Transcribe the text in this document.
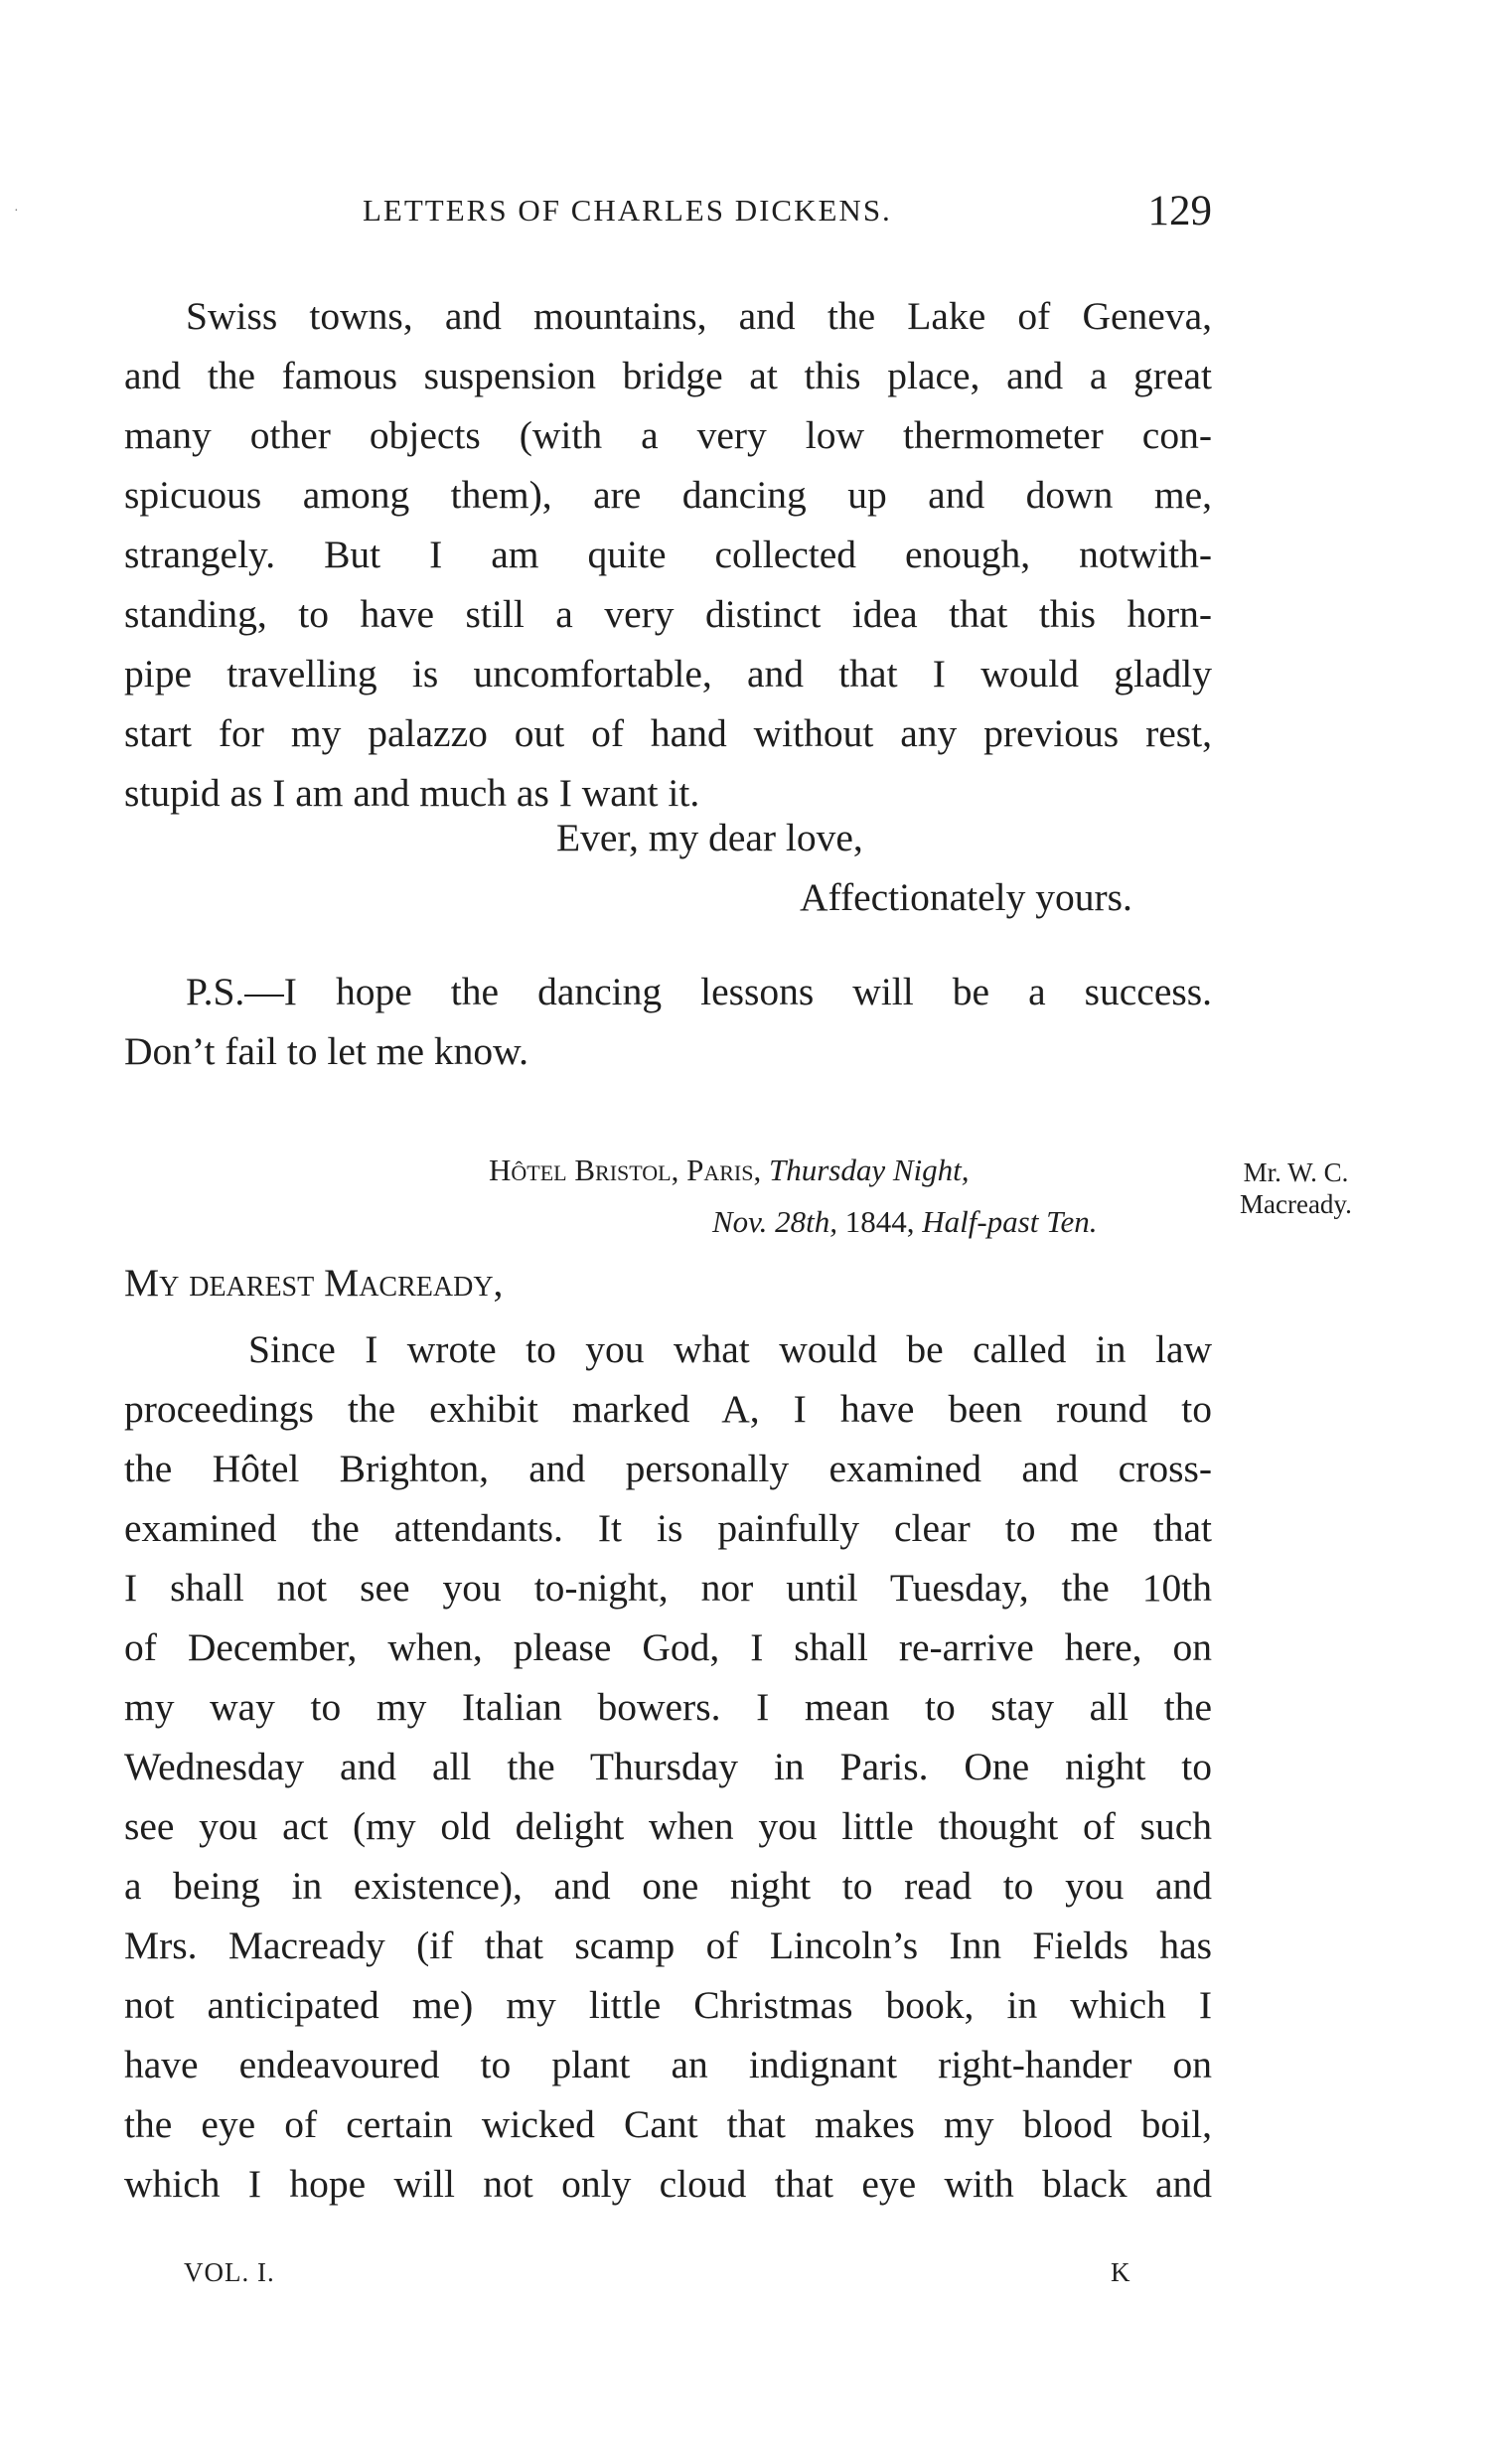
·	LETTERS OF CHARLES DICKENS.	129
Swiss towns, and mountains, and the Lake of Geneva,
and the famous suspension bridge at this place, and a great
many other objects (with a very low thermometer con-
spicuous among them), are dancing up and down me,
strangely. But I am quite collected enough, notwith-
standing, to have still a very distinct idea that this horn-
pipe travelling is uncomfortable, and that I would gladly
start for my palazzo out of hand without any previous rest,
stupid as I am and much as I want it.
Ever, my dear love,
Affectionately yours.
P.S.—I hope the dancing lessons will be a success.
Don’t fail to let me know.
Hôtel Bristol, Paris, Thursday Night,
Nov. 28th, 1844, Half-past Ten.
Mr. W. C.
Macready.
My dearest Macready,
Since I wrote to you what would be called in law
proceedings the exhibit marked A, I have been round to
the Hôtel Brighton, and personally examined and cross-
examined the attendants. It is painfully clear to me that
I shall not see you to-night, nor until Tuesday, the 10th
of December, when, please God, I shall re-arrive here, on
my way to my Italian bowers. I mean to stay all the
Wednesday and all the Thursday in Paris. One night to
see you act (my old delight when you little thought of such
a being in existence), and one night to read to you and
Mrs. Macready (if that scamp of Lincoln’s Inn Fields has
not anticipated me) my little Christmas book, in which I
have endeavoured to plant an indignant right-hander on
the eye of certain wicked Cant that makes my blood boil,
which I hope will not only cloud that eye with black and
VOL. I.	K
